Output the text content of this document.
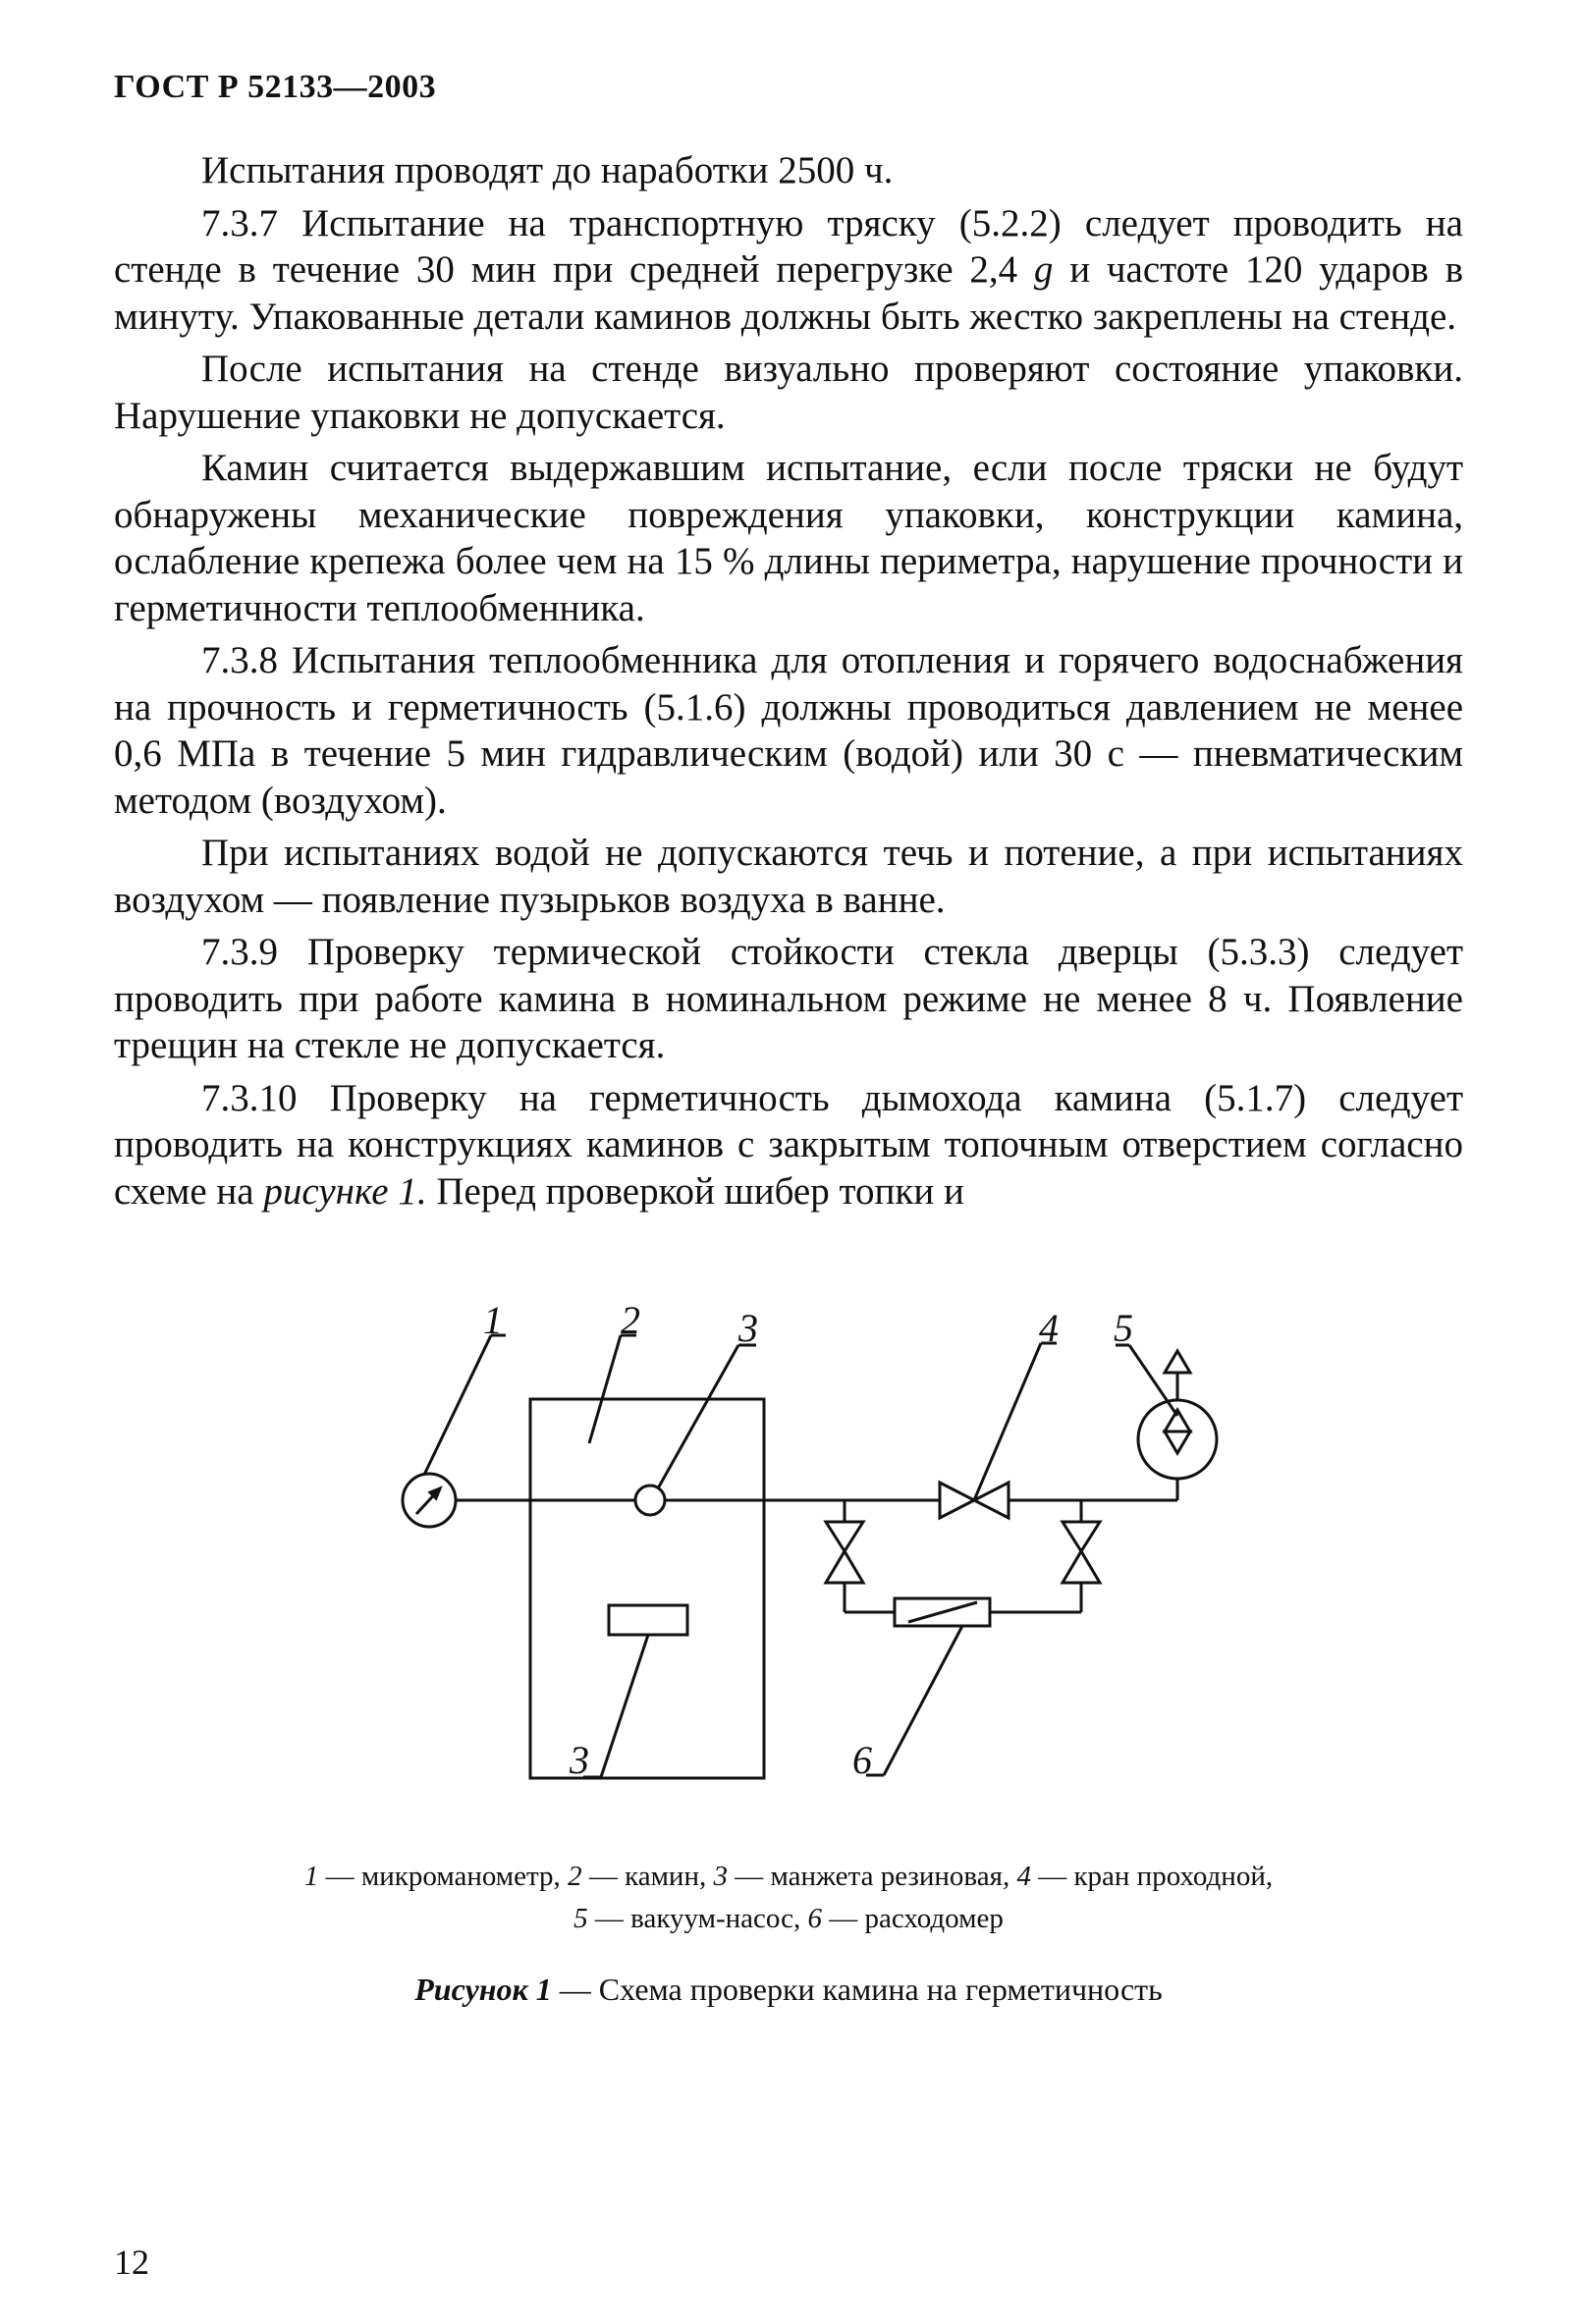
ГОСТ Р 52133—2003

Испытания проводят до наработки 2500 ч.

7.3.7 Испытание на транспортную тряску (5.2.2) следует проводить на стенде в течение 30 мин при средней перегрузке 2,4 g и частоте 120 ударов в минуту. Упакованные детали каминов должны быть жестко закреплены на стенде.

После испытания на стенде визуально проверяют состояние упаковки. Нарушение упаковки не допускается.

Камин считается выдержавшим испытание, если после тряски не будут обнаружены механические повреждения упаковки, конструкции камина, ослабление крепежа более чем на 15 % длины периметра, нарушение прочности и герметичности теплообменника.

7.3.8 Испытания теплообменника для отопления и горячего водоснабжения на прочность и герметичность (5.1.6) должны проводиться давлением не менее 0,6 МПа в течение 5 мин гидравлическим (водой) или 30 с — пневматическим методом (воздухом).

При испытаниях водой не допускаются течь и потение, а при испытаниях воздухом — появление пузырьков воздуха в ванне.

7.3.9 Проверку термической стойкости стекла дверцы (5.3.3) следует проводить при работе камина в номинальном режиме не менее 8 ч. Появление трещин на стекле не допускается.

7.3.10 Проверку на герметичность дымохода камина (5.1.7) следует проводить на конструкциях каминов с закрытым топочным отверстием согласно схеме на рисунке 1. Перед проверкой шибер топки и

1	2	3	4 5
3	6
1 — микроманометр, 2 — камин, 3 — манжета резиновая, 4 — кран проходной,
5 — вакуум-насос, 6 — расходомер
Рисунок 1 — Схема проверки камина на герметичность
12
